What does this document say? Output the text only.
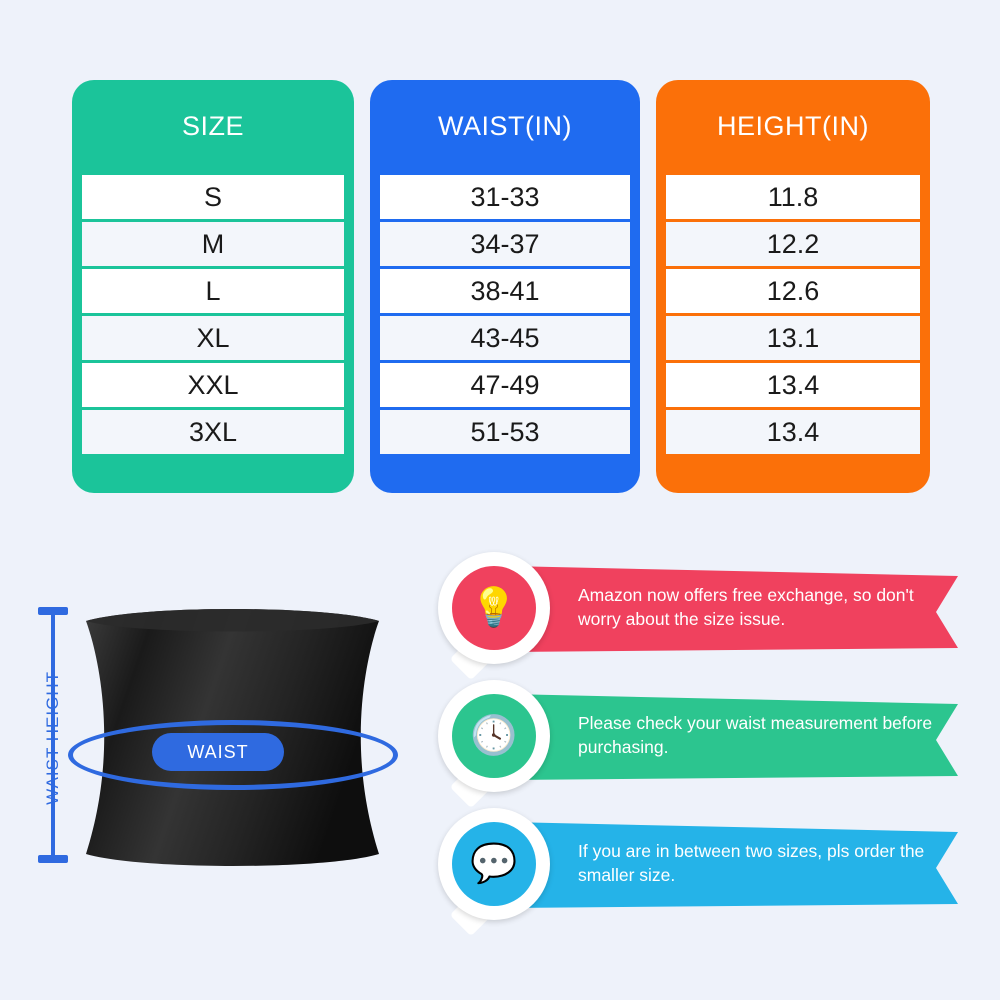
SIZE
S
M
L
XL
XXL
3XL
WAIST(IN)
31-33
34-37
38-41
43-45
47-49
51-53
HEIGHT(IN)
11.8
12.2
12.6
13.1
13.4
13.4
WAIST HEIGHT	WAIST
Amazon now offers free exchange, so don't worry about the size issue.
💡
Please check your waist measurement before purchasing.
🕓
If you are in between two sizes, pls order the smaller size.
💬
